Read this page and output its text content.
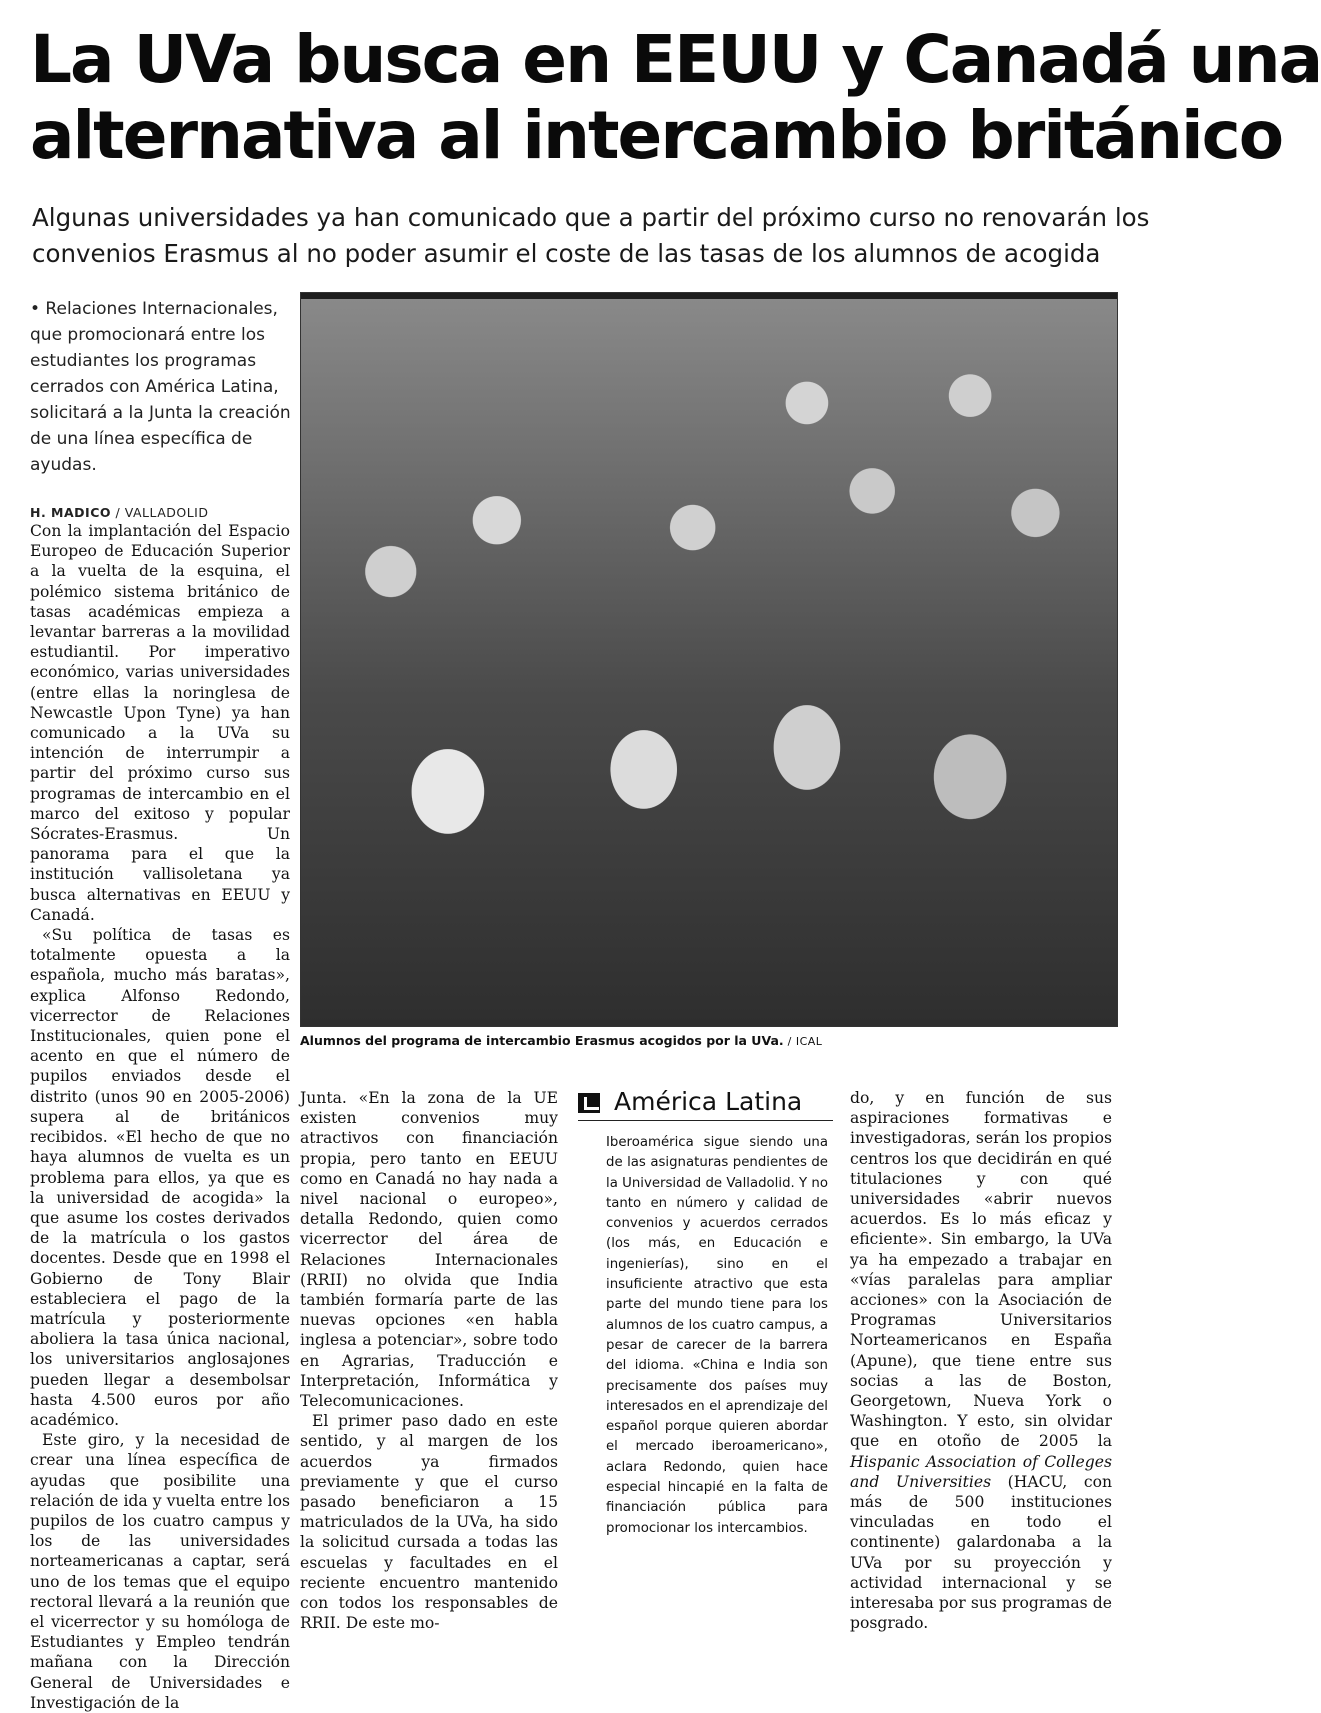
La UVa busca en EEUU y Canadá una
alternativa al intercambio británico
Algunas universidades ya han comunicado que a partir del próximo curso no renovarán los
convenios Erasmus al no poder asumir el coste de las tasas de los alumnos de acogida
• Relaciones Internacionales, que promocionará entre los estudiantes los programas cerrados con América Latina, solicitará a la Junta la creación de una línea específica de ayudas.
H. MADICO / VALLADOLID

Con la implantación del Espacio Europeo de Educación Superior a la vuelta de la esquina, el polémico sistema británico de tasas académicas empieza a levantar barreras a la movilidad estudiantil. Por imperativo económico, varias universidades (entre ellas la noringlesa de Newcastle Upon Tyne) ya han comunicado a la UVa su intención de interrumpir a partir del próximo curso sus programas de intercambio en el marco del exitoso y popular Sócrates-Erasmus. Un panorama para el que la institución vallisoletana ya busca alternativas en EEUU y Canadá.

«Su política de tasas es totalmente opuesta a la española, mucho más baratas», explica Alfonso Redondo, vicerrector de Relaciones Institucionales, quien pone el acento en que el número de pupilos enviados desde el distrito (unos 90 en 2005-2006) supera al de británicos recibidos. «El hecho de que no haya alumnos de vuelta es un problema para ellos, ya que es la universidad de acogida» la que asume los costes derivados de la matrícula o los gastos docentes. Desde que en 1998 el Gobierno de Tony Blair estableciera el pago de la matrícula y posteriormente aboliera la tasa única nacional, los universitarios anglosajones pueden llegar a desembolsar hasta 4.500 euros por año académico.

Este giro, y la necesidad de crear una línea específica de ayudas que posibilite una relación de ida y vuelta entre los pupilos de los cuatro campus y los de las universidades norteamericanas a captar, será uno de los temas que el equipo rectoral llevará a la reunión que el vicerrector y su homóloga de Estudiantes y Empleo tendrán mañana con la Dirección General de Universidades e Investigación de la

Alumnos del programa de intercambio Erasmus acogidos por la UVa. / ICAL

Junta. «En la zona de la UE existen convenios muy atractivos con financiación propia, pero tanto en EEUU como en Canadá no hay nada a nivel nacional o europeo», detalla Redondo, quien como vicerrector del área de Relaciones Internacionales (RRII) no olvida que India también formaría parte de las nuevas opciones «en habla inglesa a potenciar», sobre todo en Agrarias, Traducción e Interpretación, Informática y Telecomunicaciones.

El primer paso dado en este sentido, y al margen de los acuerdos ya firmados previamente y que el curso pasado beneficiaron a 15 matriculados de la UVa, ha sido la solicitud cursada a todas las escuelas y facultades en el reciente encuentro mantenido con todos los responsables de RRII. De este mo-

América Latina

Iberoamérica sigue siendo una de las asignaturas pendientes de la Universidad de Valladolid. Y no tanto en número y calidad de convenios y acuerdos cerrados (los más, en Educación e ingenierías), sino en el insuficiente atractivo que esta parte del mundo tiene para los alumnos de los cuatro campus, a pesar de carecer de la barrera del idioma. «China e India son precisamente dos países muy interesados en el aprendizaje del español porque quieren abordar el mercado iberoamericano», aclara Redondo, quien hace especial hincapié en la falta de financiación pública para promocionar los intercambios.

do, y en función de sus aspiraciones formativas e investigadoras, serán los propios centros los que decidirán en qué titulaciones y con qué universidades «abrir nuevos acuerdos. Es lo más eficaz y eficiente». Sin embargo, la UVa ya ha empezado a trabajar en «vías paralelas para ampliar acciones» con la Asociación de Programas Universitarios Norteamericanos en España (Apune), que tiene entre sus socias a las de Boston, Georgetown, Nueva York o Washington. Y esto, sin olvidar que en otoño de 2005 la Hispanic Association of Colleges and Universities (HACU, con más de 500 instituciones vinculadas en todo el continente) galardonaba a la UVa por su proyección y actividad internacional y se interesaba por sus programas de posgrado.
